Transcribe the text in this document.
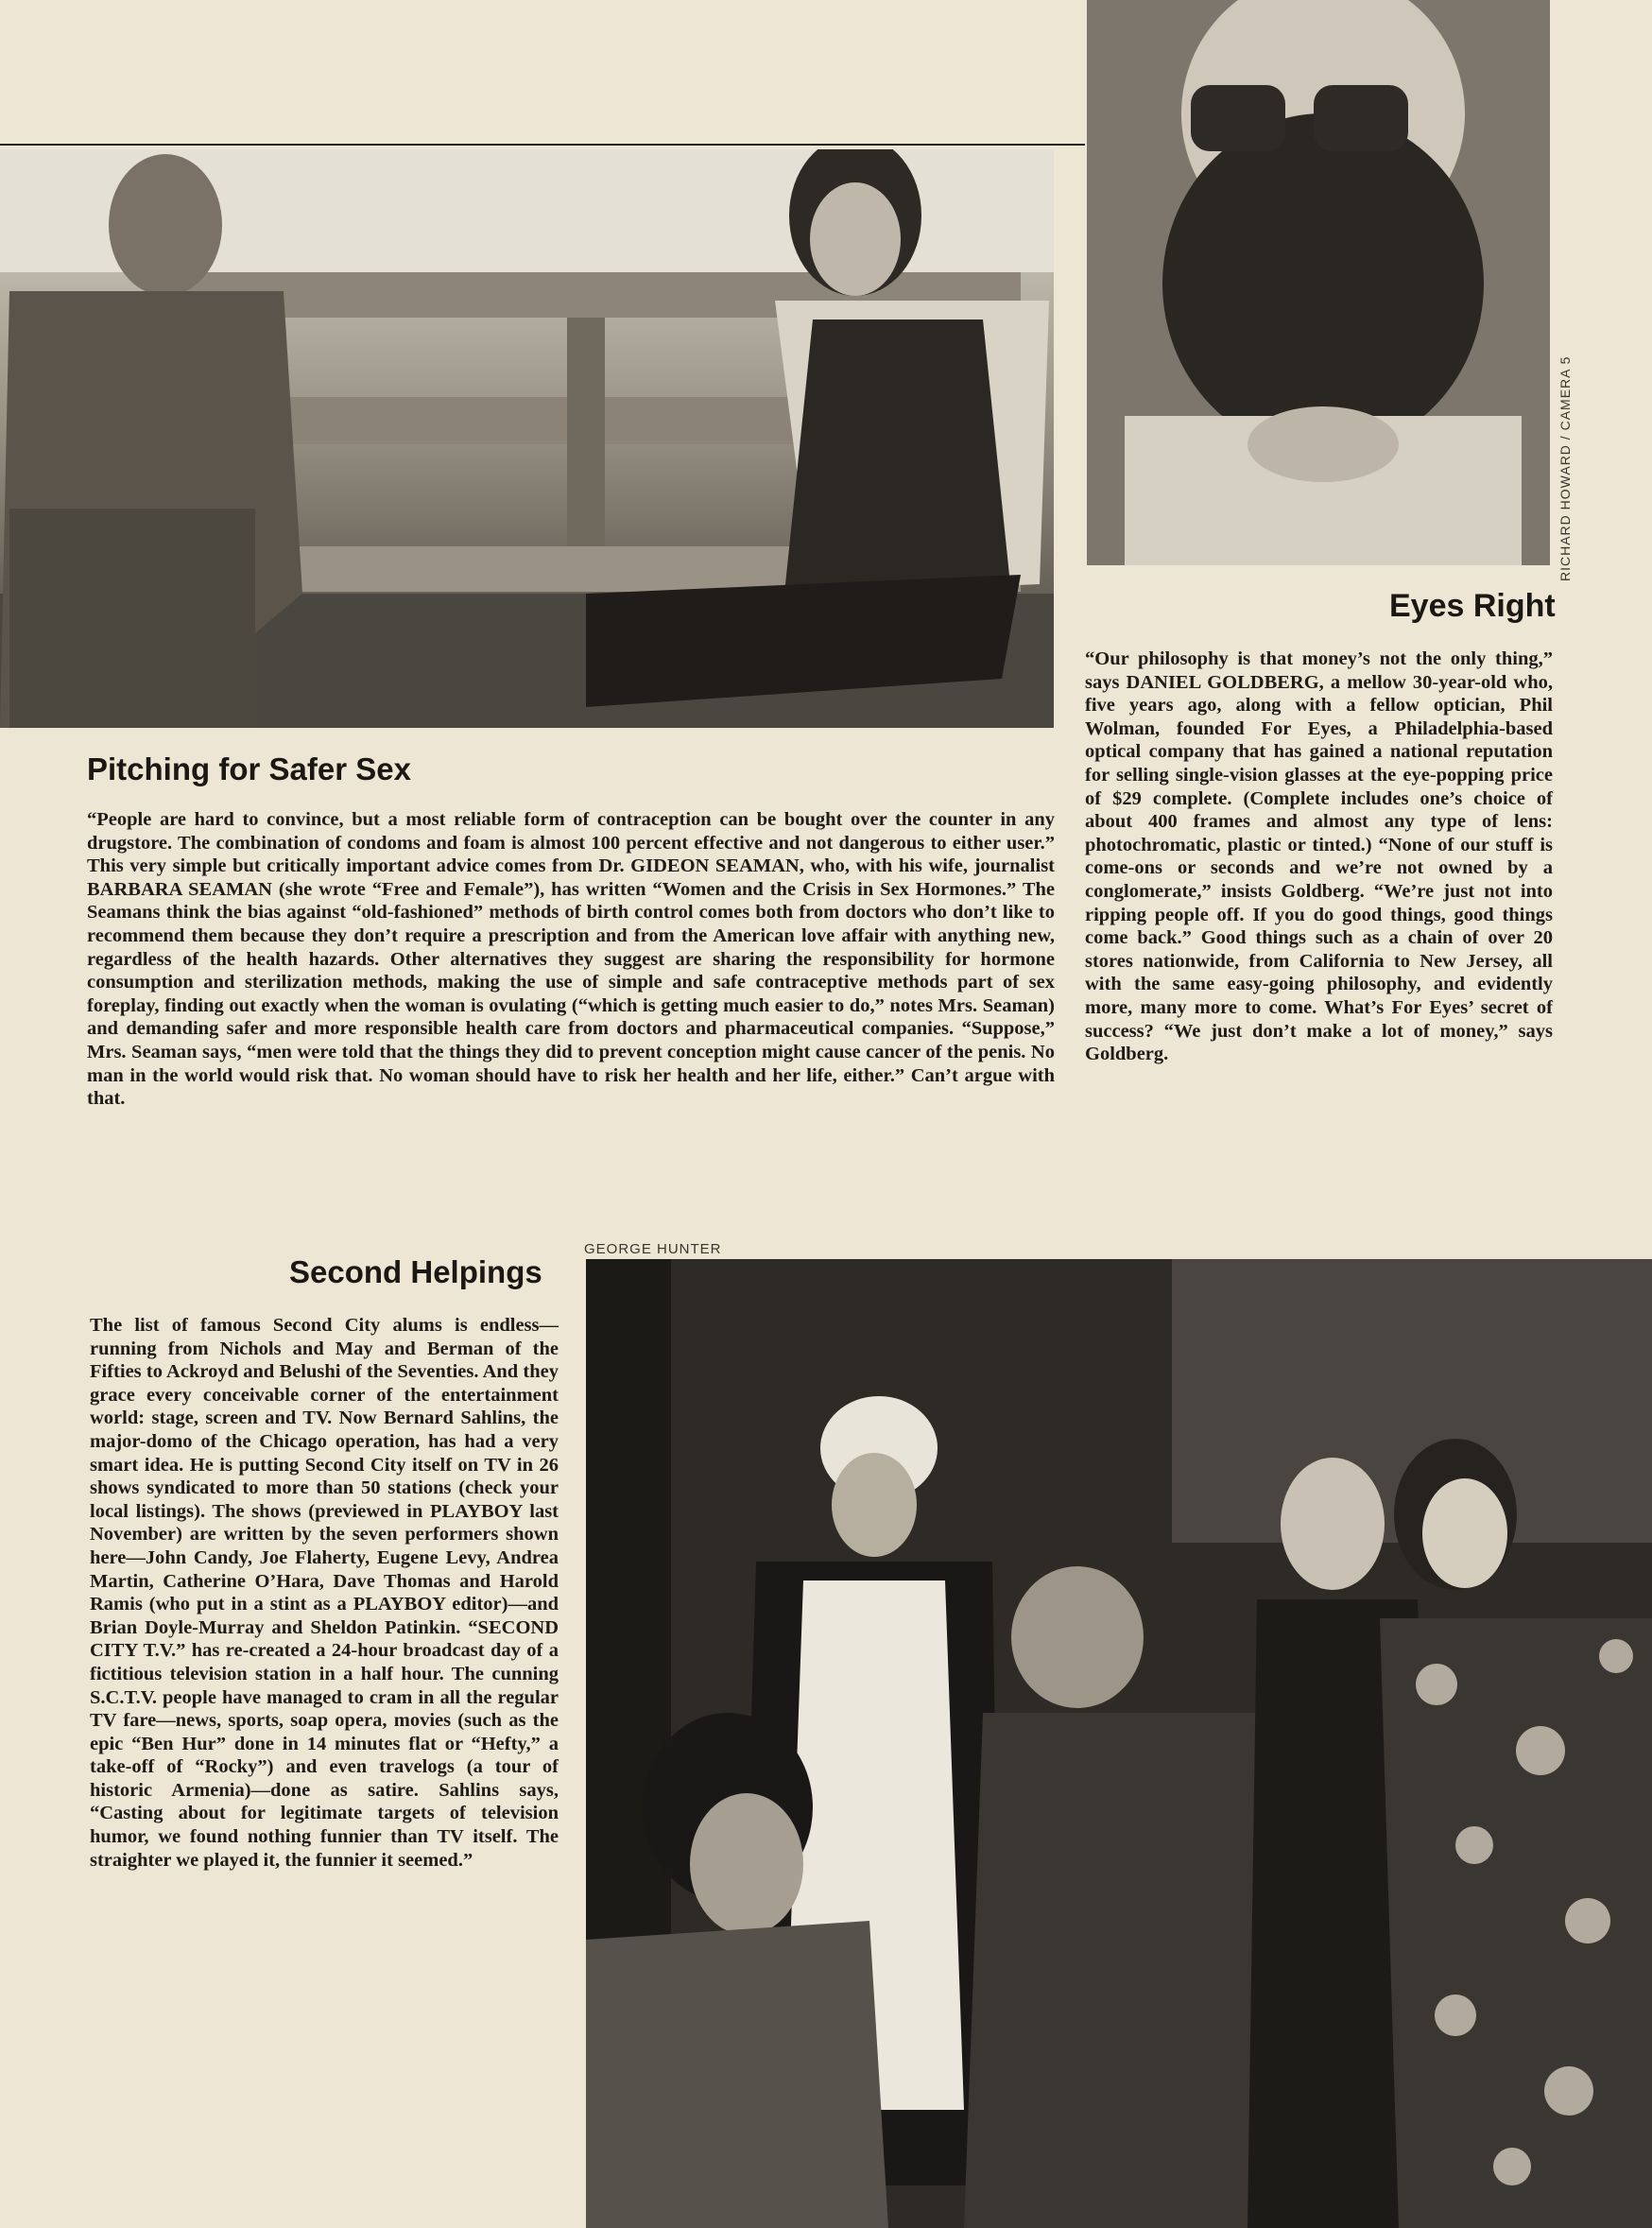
RICHARD HOWARD / CAMERA 5
Eyes Right

“Our philosophy is that money’s not the only thing,” says DANIEL GOLDBERG, a mellow 30-year-old who, five years ago, along with a fellow optician, Phil Wolman, founded For Eyes, a Philadelphia-based optical company that has gained a national reputation for selling single-vision glasses at the eye-popping price of $29 complete. (Complete includes one’s choice of about 400 frames and almost any type of lens: photochromatic, plastic or tinted.) “None of our stuff is come-ons or seconds and we’re not owned by a conglomerate,” insists Goldberg. “We’re just not into ripping people off. If you do good things, good things come back.” Good things such as a chain of over 20 stores nationwide, from California to New Jersey, all with the same easy-going philosophy, and evidently more, many more to come. What’s For Eyes’ secret of success? “We just don’t make a lot of money,” says Goldberg.

Pitching for Safer Sex

“People are hard to convince, but a most reliable form of contraception can be bought over the counter in any drugstore. The combination of condoms and foam is almost 100 percent effective and not dangerous to either user.” This very simple but critically important advice comes from Dr. GIDEON SEAMAN, who, with his wife, journalist BARBARA SEAMAN (she wrote “Free and Female”), has written “Women and the Crisis in Sex Hormones.” The Seamans think the bias against “old-fashioned” methods of birth control comes both from doctors who don’t like to recommend them because they don’t require a prescription and from the American love affair with anything new, regardless of the health hazards. Other alternatives they suggest are sharing the responsibility for hormone consumption and sterilization methods, making the use of simple and safe contraceptive methods part of sex foreplay, finding out exactly when the woman is ovulating (“which is getting much easier to do,” notes Mrs. Seaman) and demanding safer and more responsible health care from doctors and pharmaceutical companies. “Suppose,” Mrs. Seaman says, “men were told that the things they did to prevent conception might cause cancer of the penis. No man in the world would risk that. No woman should have to risk her health and her life, either.” Can’t argue with that.

GEORGE HUNTER
Second Helpings

The list of famous Second City alums is endless—running from Nichols and May and Berman of the Fifties to Ackroyd and Belushi of the Seventies. And they grace every conceivable corner of the entertainment world: stage, screen and TV. Now Bernard Sahlins, the major-domo of the Chicago operation, has had a very smart idea. He is putting Second City itself on TV in 26 shows syndicated to more than 50 stations (check your local listings). The shows (previewed in PLAYBOY last November) are written by the seven performers shown here—John Candy, Joe Flaherty, Eugene Levy, Andrea Martin, Catherine O’Hara, Dave Thomas and Harold Ramis (who put in a stint as a PLAYBOY editor)—and Brian Doyle-Murray and Sheldon Patinkin. “SECOND CITY T.V.” has re-created a 24-hour broadcast day of a fictitious television station in a half hour. The cunning S.C.T.V. people have managed to cram in all the regular TV fare—news, sports, soap opera, movies (such as the epic “Ben Hur” done in 14 minutes flat or “Hefty,” a take-off of “Rocky”) and even travelogs (a tour of historic Armenia)—done as satire. Sahlins says, “Casting about for legitimate targets of television humor, we found nothing funnier than TV itself. The straighter we played it, the funnier it seemed.”
